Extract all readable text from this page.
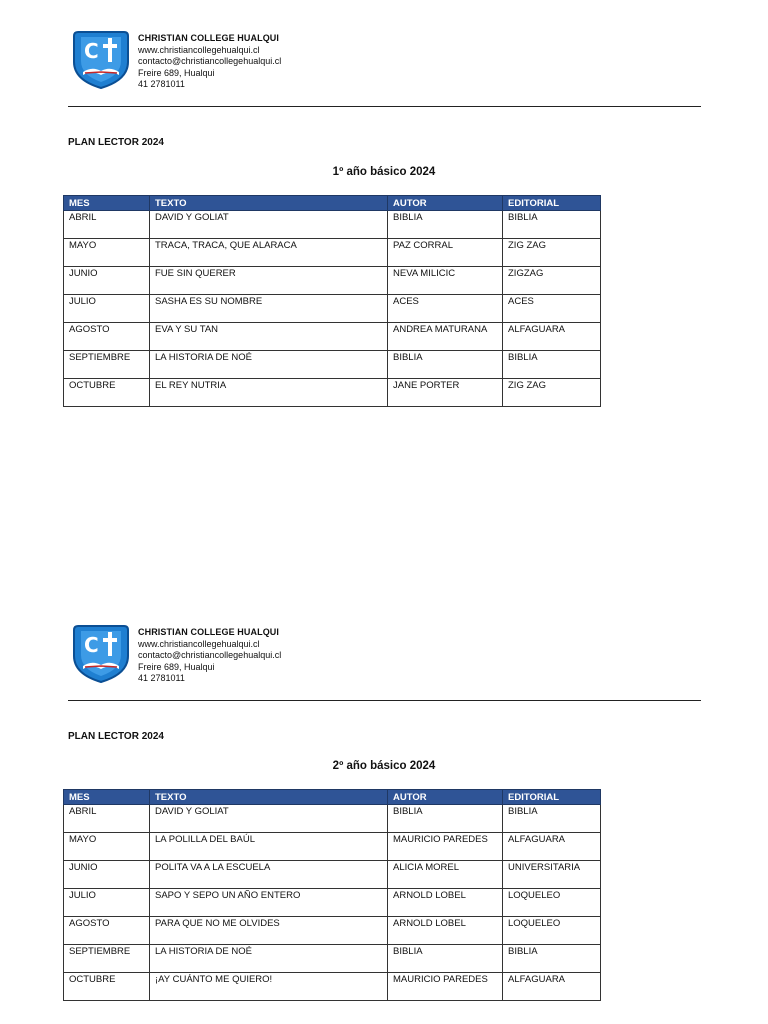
C
CHRISTIAN COLLEGE HUALQUI
www.christiancollegehualqui.cl
contacto@christiancollegehualqui.cl
Freire 689, Hualqui
41 2781011
PLAN LECTOR 2024
1º año básico 2024
MES	TEXTO	AUTOR	EDITORIAL
ABRIL	DAVID Y GOLIAT	BIBLIA	BIBLIA
MAYO	TRACA, TRACA, QUE ALARACA	PAZ CORRAL	ZIG ZAG
JUNIO	FUE SIN QUERER	NEVA MILICIC	ZIGZAG
JULIO	SASHA ES SU NOMBRE	ACES	ACES
AGOSTO	EVA Y SU TAN	ANDREA MATURANA	ALFAGUARA
SEPTIEMBRE	LA HISTORIA DE NOÉ	BIBLIA	BIBLIA
OCTUBRE	EL REY NUTRIA	JANE PORTER	ZIG ZAG
C
CHRISTIAN COLLEGE HUALQUI
www.christiancollegehualqui.cl
contacto@christiancollegehualqui.cl
Freire 689, Hualqui
41 2781011
PLAN LECTOR 2024
2º año básico 2024
MES	TEXTO	AUTOR	EDITORIAL
ABRIL	DAVID Y GOLIAT	BIBLIA	BIBLIA
MAYO	LA POLILLA DEL BAÚL	MAURICIO PAREDES	ALFAGUARA
JUNIO	POLITA VA A LA ESCUELA	ALICIA MOREL	UNIVERSITARIA
JULIO	SAPO Y SEPO UN AÑO ENTERO	ARNOLD LOBEL	LOQUELEO
AGOSTO	PARA QUE NO ME OLVIDES	ARNOLD LOBEL	LOQUELEO
SEPTIEMBRE	LA HISTORIA DE NOÉ	BIBLIA	BIBLIA
OCTUBRE	¡AY CUÁNTO ME QUIERO!	MAURICIO PAREDES	ALFAGUARA
